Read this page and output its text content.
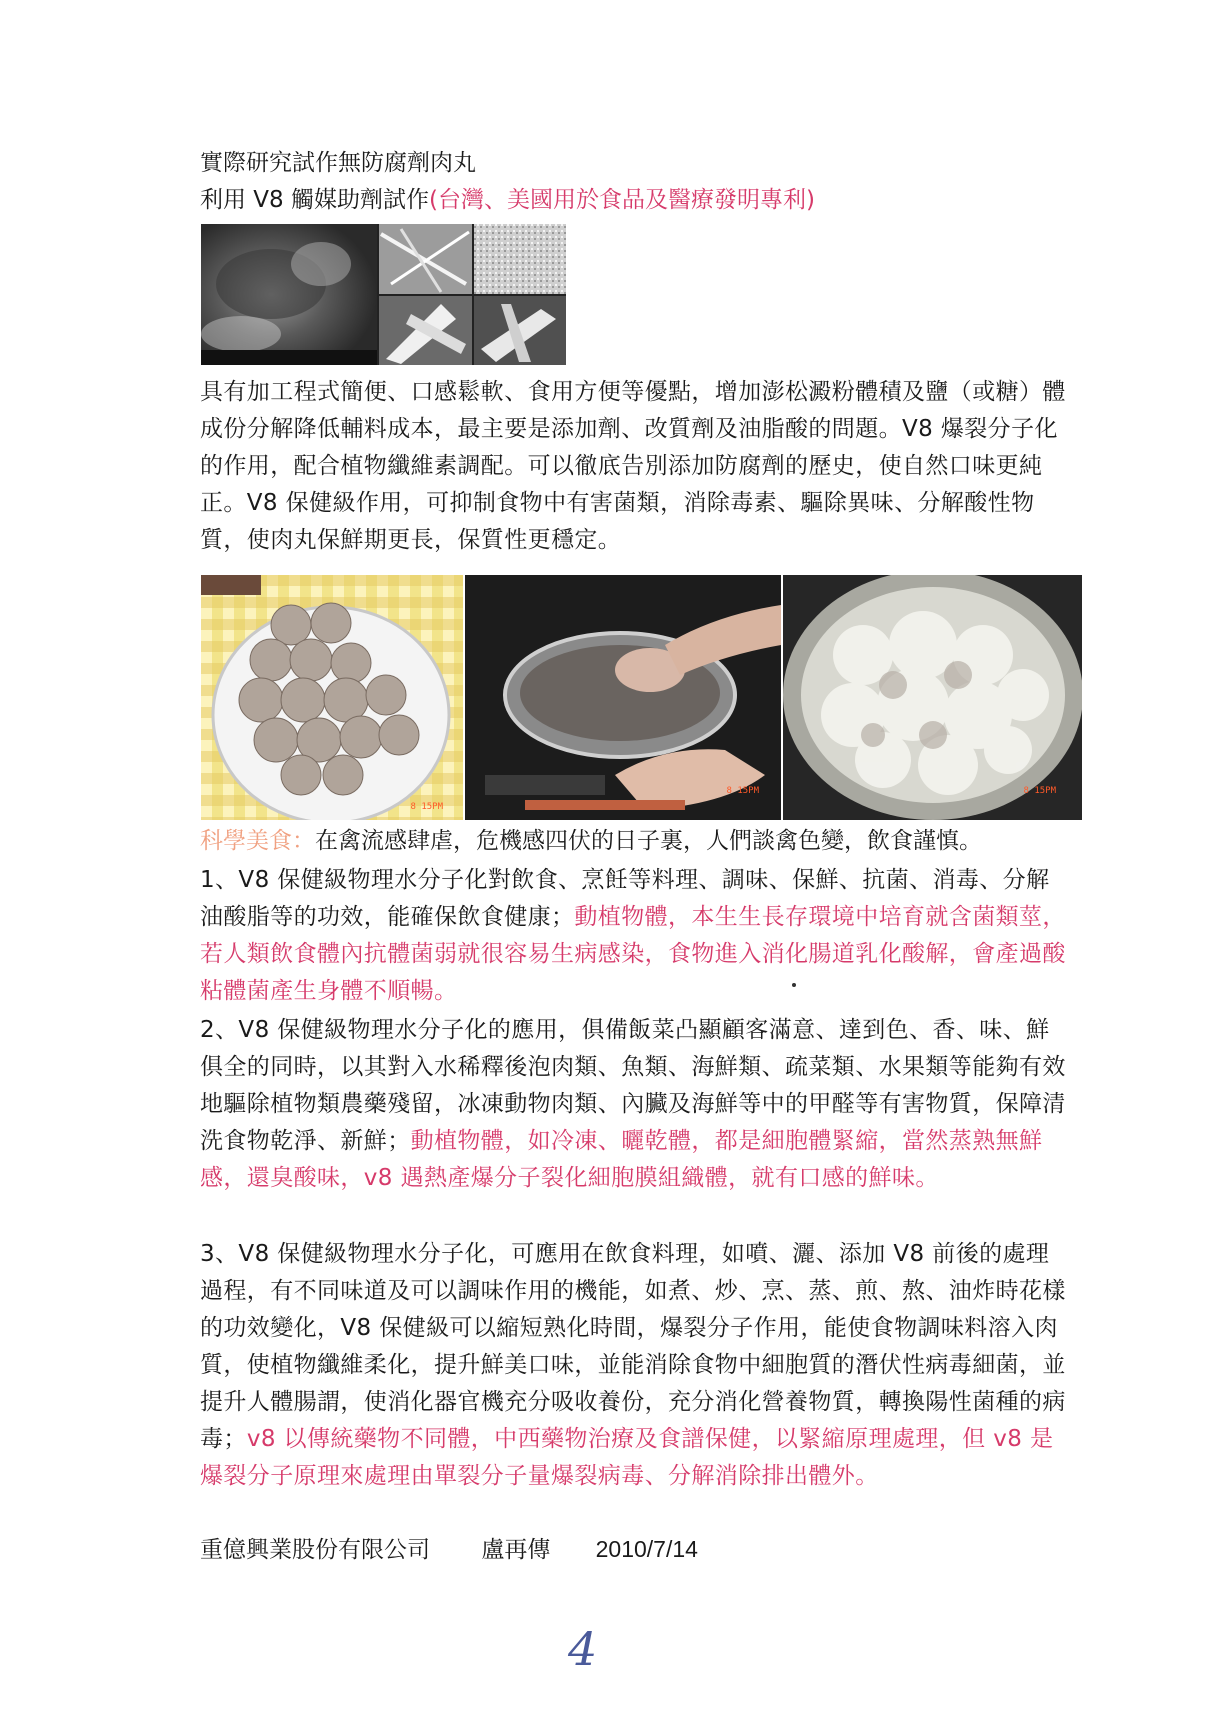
實際研究試作無防腐劑肉丸
利用 V8 觸媒助劑試作(台灣、美國用於食品及醫療發明專利)
具有加工程式簡便、口感鬆軟、食用方便等優點，增加澎松澱粉體積及鹽（或糖）體成份分解降低輔料成本，最主要是添加劑、改質劑及油脂酸的問題。V8 爆裂分子化的作用，配合植物纖維素調配。可以徹底告別添加防腐劑的歷史，使自然口味更純正。V8 保健級作用，可抑制食物中有害菌類，消除毒素、驅除異味、分解酸性物質，使肉丸保鮮期更長，保質性更穩定。
8 15PM
8 15PM	8 15PM
科學美食：在禽流感肆虐，危機感四伏的日子裏，人們談禽色變，飲食謹慎。
1、V8 保健級物理水分子化對飲食、烹飪等料理、調味、保鮮、抗菌、消毒、分解油酸脂等的功效，能確保飲食健康；動植物體，本生生長存環境中培育就含菌類莖，若人類飲食體內抗體菌弱就很容易生病感染，食物進入消化腸道乳化酸解，會產過酸粘體菌產生身體不順暢。
2、V8 保健級物理水分子化的應用，俱備飯菜凸顯顧客滿意、達到色、香、味、鮮俱全的同時，以其對入水稀釋後泡肉類、魚類、海鮮類、疏菜類、水果類等能夠有效地驅除植物類農藥殘留，冰凍動物肉類、內臟及海鮮等中的甲醛等有害物質，保障清洗食物乾淨、新鮮；動植物體，如冷凍、曬乾體，都是細胞體緊縮，當然蒸熟無鮮感，還臭酸味，v8 遇熱產爆分子裂化細胞膜組織體，就有口感的鮮味。
3、V8 保健級物理水分子化，可應用在飲食料理，如噴、灑、添加 V8 前後的處理過程，有不同味道及可以調味作用的機能，如煮、炒、烹、蒸、煎、熬、油炸時花樣的功效變化，V8 保健級可以縮短熟化時間，爆裂分子作用，能使食物調味料溶入肉質，使植物纖維柔化，提升鮮美口味，並能消除食物中細胞質的潛伏性病毒細菌，並提升人體腸謂，使消化器官機充分吸收養份，充分消化營養物質，轉換陽性菌種的病毒；v8 以傳統藥物不同體，中西藥物治療及食譜保健，以緊縮原理處理，但 v8 是爆裂分子原理來處理由單裂分子量爆裂病毒、分解消除排出體外。
重億興業股份有限公司 盧再傳 2010/7/14
4
